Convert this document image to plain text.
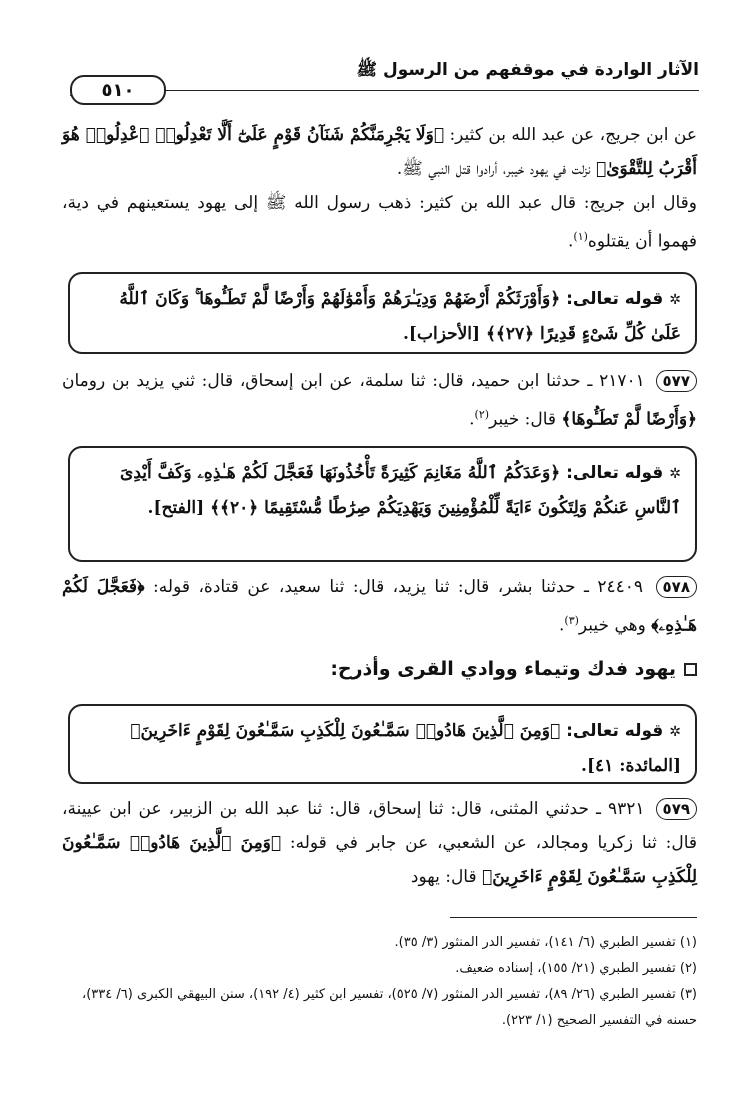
الآثار الواردة في موقفهم من الرسول ﷺ
٥١٠

عن ابن جريج، عن عبد الله بن كثير: ﴿وَلَا يَجْرِمَنَّكُمْ شَنَآنُ قَوْمٍ عَلَىٰٓ أَلَّا تَعْدِلُوا۟ ٱعْدِلُوا۟ هُوَ أَقْرَبُ لِلتَّقْوَىٰ﴾ نزلت في يهود خيبر، أرادوا قتل النبي ﷺ.

وقال ابن جريج: قال عبد الله بن كثير: ذهب رسول الله ﷺ إلى يهود يستعينهم في دية، فهموا أن يقتلوه$^{(١)}$.

✲قوله تعالى: ﴿وَأَوْرَثَكُمْ أَرْضَهُمْ وَدِيَـٰرَهُمْ وَأَمْوَٰلَهُمْ وَأَرْضًا لَّمْ تَطَـُٔوهَا ۚ وَكَانَ ٱللَّهُ عَلَىٰ كُلِّ شَىْءٍ قَدِيرًا ﴿٢٧﴾﴾ [الأحزاب].

٥٧٧ ٢١٧٠١ ـ حدثنا ابن حميد، قال: ثنا سلمة، عن ابن إسحاق، قال: ثني يزيد بن رومان ﴿وَأَرْضًا لَّمْ تَطَـُٔوهَا﴾ قال: خيبر$^{(٢)}$.

✲قوله تعالى: ﴿وَعَدَكُمُ ٱللَّهُ مَغَانِمَ كَثِيرَةً تَأْخُذُونَهَا فَعَجَّلَ لَكُمْ هَـٰذِهِۦ وَكَفَّ أَيْدِىَ ٱلنَّاسِ عَنكُمْ وَلِتَكُونَ ءَايَةً لِّلْمُؤْمِنِينَ وَيَهْدِيَكُمْ صِرَٰطًا مُّسْتَقِيمًا ﴿٢٠﴾﴾ [الفتح].

٥٧٨ ٢٤٤٠٩ ـ حدثنا بشر، قال: ثنا يزيد، قال: ثنا سعيد، عن قتادة، قوله: ﴿فَعَجَّلَ لَكُمْ هَـٰذِهِۦ﴾ وهي خيبر$^{(٣)}$.

يهود فدك وتيماء ووادي القرى وأذرح:
✲قوله تعالى: ﴿وَمِنَ ٱلَّذِينَ هَادُوا۟ سَمَّـٰعُونَ لِلْكَذِبِ سَمَّـٰعُونَ لِقَوْمٍ ءَاخَرِينَ﴾ [المائدة: ٤١].

٥٧٩ ٩٣٢١ ـ حدثني المثنى، قال: ثنا إسحاق، قال: ثنا عبد الله بن الزبير، عن ابن عيينة، قال: ثنا زكريا ومجالد، عن الشعبي، عن جابر في قوله: ﴿وَمِنَ ٱلَّذِينَ هَادُوا۟ سَمَّـٰعُونَ لِلْكَذِبِ سَمَّـٰعُونَ لِقَوْمٍ ءَاخَرِينَ﴾ قال: يهود

(١) تفسير الطبري (٦/ ١٤١)، تفسير الدر المنثور (٣/ ٣٥).

(٢) تفسير الطبري (٢١/ ١٥٥)، إسناده ضعيف.

(٣) تفسير الطبري (٢٦/ ٨٩)، تفسير الدر المنثور (٧/ ٥٢٥)، تفسير ابن كثير (٤/ ١٩٢)، سنن البيهقي الكبرى (٦/ ٣٣٤)، حسنه في التفسير الصحيح (١/ ٢٢٣).
